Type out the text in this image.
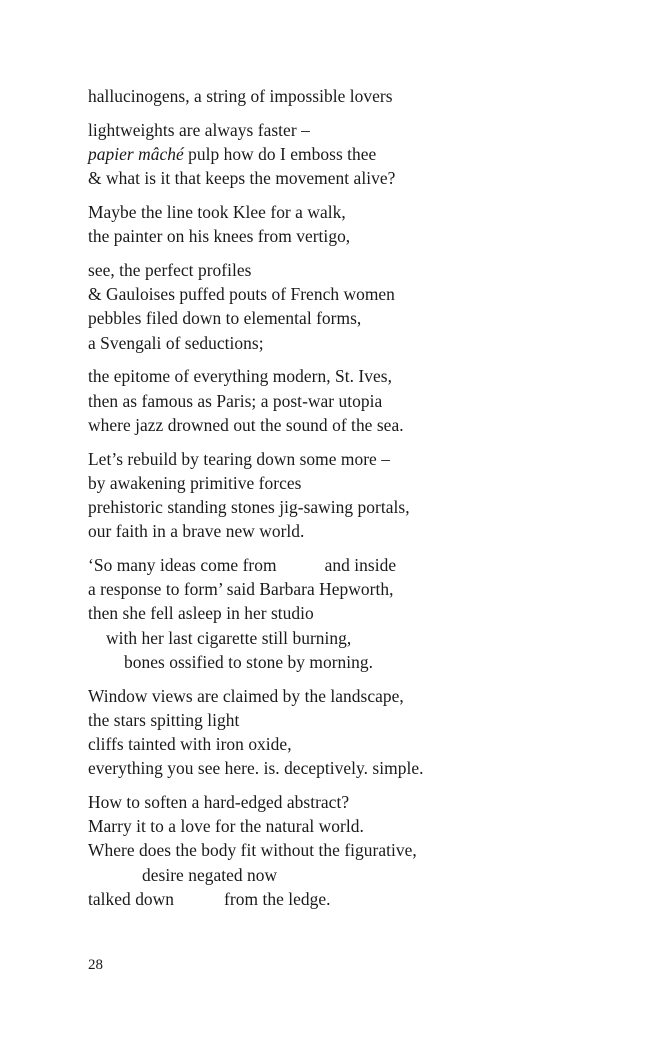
hallucinogens, a string of impossible lovers
lightweights are always faster –
papier mâché pulp how do I emboss thee
& what is it that keeps the movement alive?
Maybe the line took Klee for a walk,
the painter on his knees from vertigo,
see, the perfect profiles
& Gauloises puffed pouts of French women
pebbles filed down to elemental forms,
a Svengali of seductions;
the epitome of everything modern, St. Ives,
then as famous as Paris; a post-war utopia
where jazz drowned out the sound of the sea.
Let’s rebuild by tearing down some more –
by awakening primitive forces
prehistoric standing stones jig-sawing portals,
our faith in a brave new world.
‘So many ideas come from	and inside
a response to form’ said Barbara Hepworth,
then she fell asleep in her studio
with her last cigarette still burning,
bones ossified to stone by morning.
Window views are claimed by the landscape,
the stars spitting light
cliffs tainted with iron oxide,
everything you see here. is. deceptively. simple.
How to soften a hard-edged abstract?
Marry it to a love for the natural world.
Where does the body fit without the figurative,
desire negated now
talked down	from the ledge.
28
